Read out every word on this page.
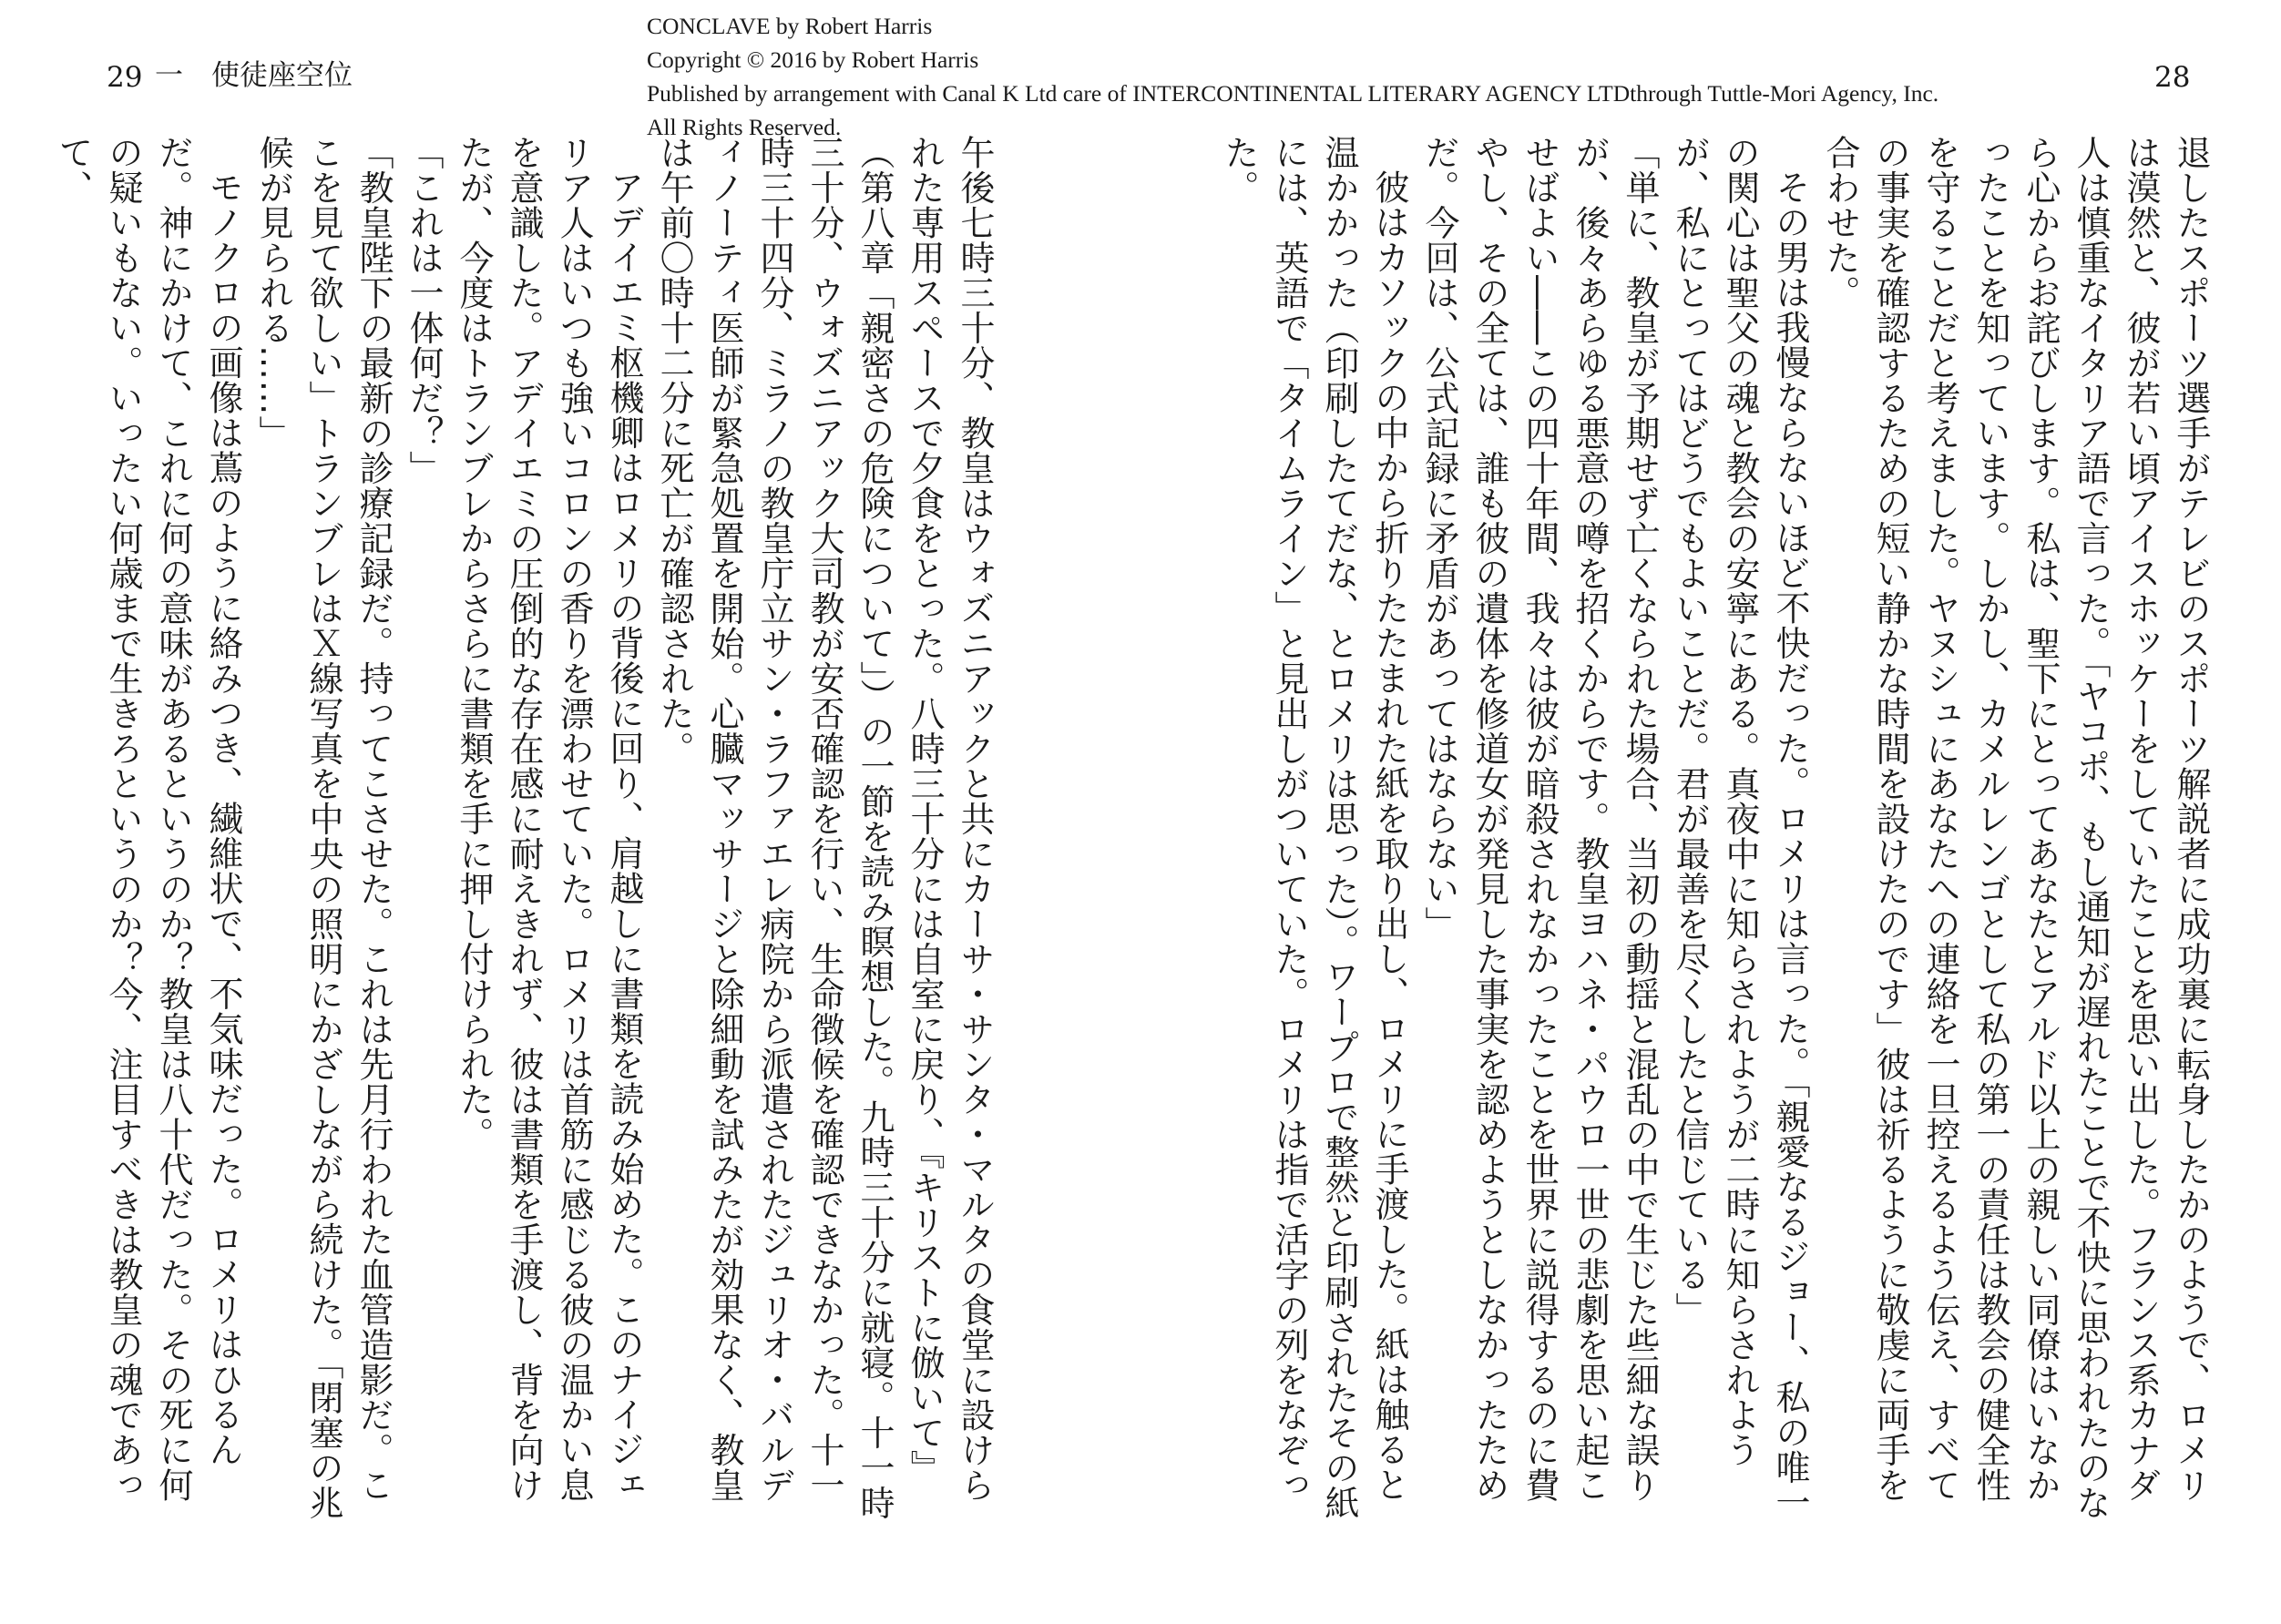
29 一　使徒座空位	28
CONCLAVE by Robert Harris
Copyright © 2016 by Robert Harris
Published by arrangement with Canal K Ltd care of INTERCONTINENTAL LITERARY AGENCY LTDthrough Tuttle-Mori Agency, Inc.
All Rights Reserved.

退したスポーツ選手がテレビのスポーツ解説者に成功裏に転身したかのようで、ロメリは漠然と、彼が若い頃アイスホッケーをしていたことを思い出した。フランス系カナダ人は慎重なイタリア語で言った。「ヤコポ、もし通知が遅れたことで不快に思われたのなら心からお詫びします。私は、聖下にとってあなたとアルド以上の親しい同僚はいなかったことを知っています。しかし、カメルレンゴとして私の第一の責任は教会の健全性を守ることだと考えました。ヤヌシュにあなたへの連絡を一旦控えるよう伝え、すべての事実を確認するための短い静かな時間を設けたのです」彼は祈るように敬虔に両手を合わせた。

その男は我慢ならないほど不快だった。ロメリは言った。「親愛なるジョー、私の唯一の関心は聖父の魂と教会の安寧にある。真夜中に知らされようが二時に知らされようが、私にとってはどうでもよいことだ。君が最善を尽くしたと信じている」

「単に、教皇が予期せず亡くなられた場合、当初の動揺と混乱の中で生じた些細な誤りが、後々あらゆる悪意の噂を招くからです。教皇ヨハネ・パウロ一世の悲劇を思い起こせばよい――この四十年間、我々は彼が暗殺されなかったことを世界に説得するのに費やし、その全ては、誰も彼の遺体を修道女が発見した事実を認めようとしなかったためだ。今回は、公式記録に矛盾があってはならない」

彼はカソックの中から折りたたまれた紙を取り出し、ロメリに手渡した。紙は触ると温かかった（印刷したてだな、とロメリは思った）。ワープロで整然と印刷されたその紙には、英語で「タイムライン」と見出しがついていた。ロメリは指で活字の列をなぞった。

午後七時三十分、教皇はウォズニアックと共にカーサ・サンタ・マルタの食堂に設けられた専用スペースで夕食をとった。八時三十分には自室に戻り、『キリストに倣いて』（第八章「親密さの危険について」）の一節を読み瞑想した。九時三十分に就寝。十一時三十分、ウォズニアック大司教が安否確認を行い、生命徴候を確認できなかった。十一時三十四分、ミラノの教皇庁立サン・ラファエレ病院から派遣されたジュリオ・バルディノーティ医師が緊急処置を開始。心臓マッサージと除細動を試みたが効果なく、教皇は午前〇時十二分に死亡が確認された。

アデイエミ枢機卿はロメリの背後に回り、肩越しに書類を読み始めた。このナイジェリア人はいつも強いコロンの香りを漂わせていた。ロメリは首筋に感じる彼の温かい息を意識した。アデイエミの圧倒的な存在感に耐えきれず、彼は書類を手渡し、背を向けたが、今度はトランブレからさらに書類を手に押し付けられた。

「これは一体何だ？」

「教皇陛下の最新の診療記録だ。持ってこさせた。これは先月行われた血管造影だ。ここを見て欲しい」トランブレはＸ線写真を中央の照明にかざしながら続けた。「閉塞の兆候が見られる……」

モノクロの画像は蔦のように絡みつき、繊維状で、不気味だった。ロメリはひるんだ。神にかけて、これに何の意味があるというのか？教皇は八十代だった。その死に何の疑いもない。いったい何歳まで生きろというのか？今、注目すべきは教皇の魂であって、
